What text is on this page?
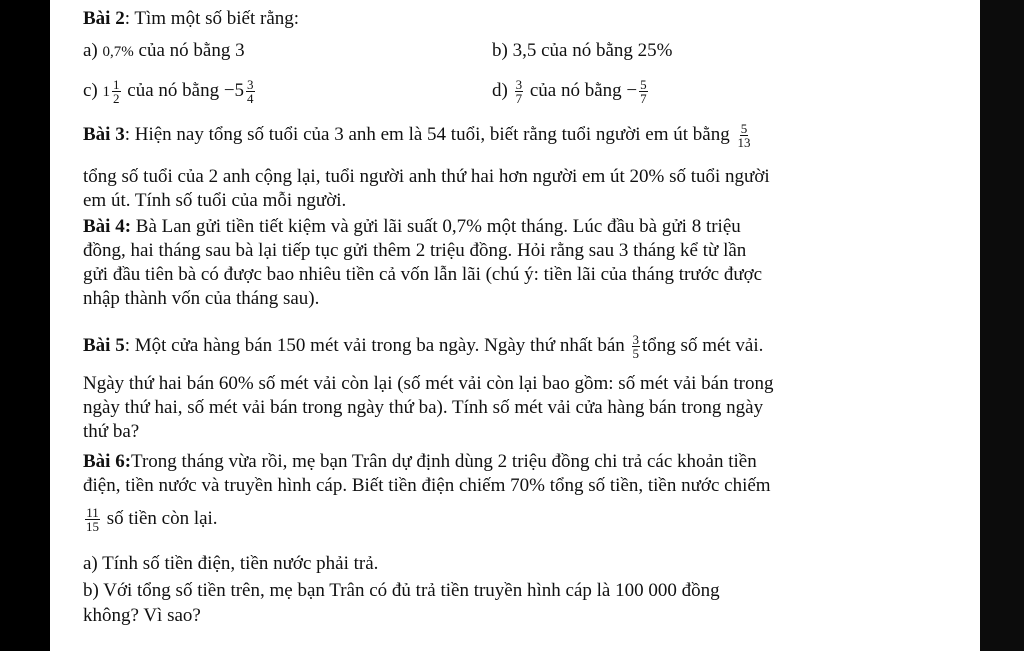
Bài 2: Tìm một số biết rằng:
a) 0,7% của nó bằng 3	b) 3,5 của nó bằng 25%
c) $1 \frac{1}{2}$ của nó bằng $-5 \frac{3}{4}$	$d) \frac{3}{7}$ của nó bằng − $\frac{5}{7}$
Bài 3: Hiện nay tổng số tuổi của 3 anh em là 54 tuổi, biết rằng tuổi người em út bằng $\frac{5}{13}$
tổng số tuổi của 2 anh cộng lại, tuổi người anh thứ hai hơn người em út 20% số tuổi người
em út. Tính số tuổi của mỗi người.
Bài 4: Bà Lan gửi tiền tiết kiệm và gửi lãi suất 0,7% một tháng. Lúc đầu bà gửi 8 triệu
đồng, hai tháng sau bà lại tiếp tục gửi thêm 2 triệu đồng. Hỏi rằng sau 3 tháng kể từ lần
gửi đầu tiên bà có được bao nhiêu tiền cả vốn lẫn lãi (chú ý: tiền lãi của tháng trước được
nhập thành vốn của tháng sau).
Bài 5: Một cửa hàng bán 150 mét vải trong ba ngày. Ngày thứ nhất bán $\frac{3}{5}$ tổng số mét vải.
Ngày thứ hai bán 60% số mét vải còn lại (số mét vải còn lại bao gồm: số mét vải bán trong
ngày thứ hai, số mét vải bán trong ngày thứ ba). Tính số mét vải cửa hàng bán trong ngày
thứ ba?
Bài 6:Trong tháng vừa rồi, mẹ bạn Trân dự định dùng 2 triệu đồng chi trả các khoản tiền
điện, tiền nước và truyền hình cáp. Biết tiền điện chiếm 70% tổng số tiền, tiền nước chiếm
$\frac{11}{15}$ số tiền còn lại.
a) Tính số tiền điện, tiền nước phải trả.
b) Với tổng số tiền trên, mẹ bạn Trân có đủ trả tiền truyền hình cáp là 100 000 đồng
không? Vì sao?
